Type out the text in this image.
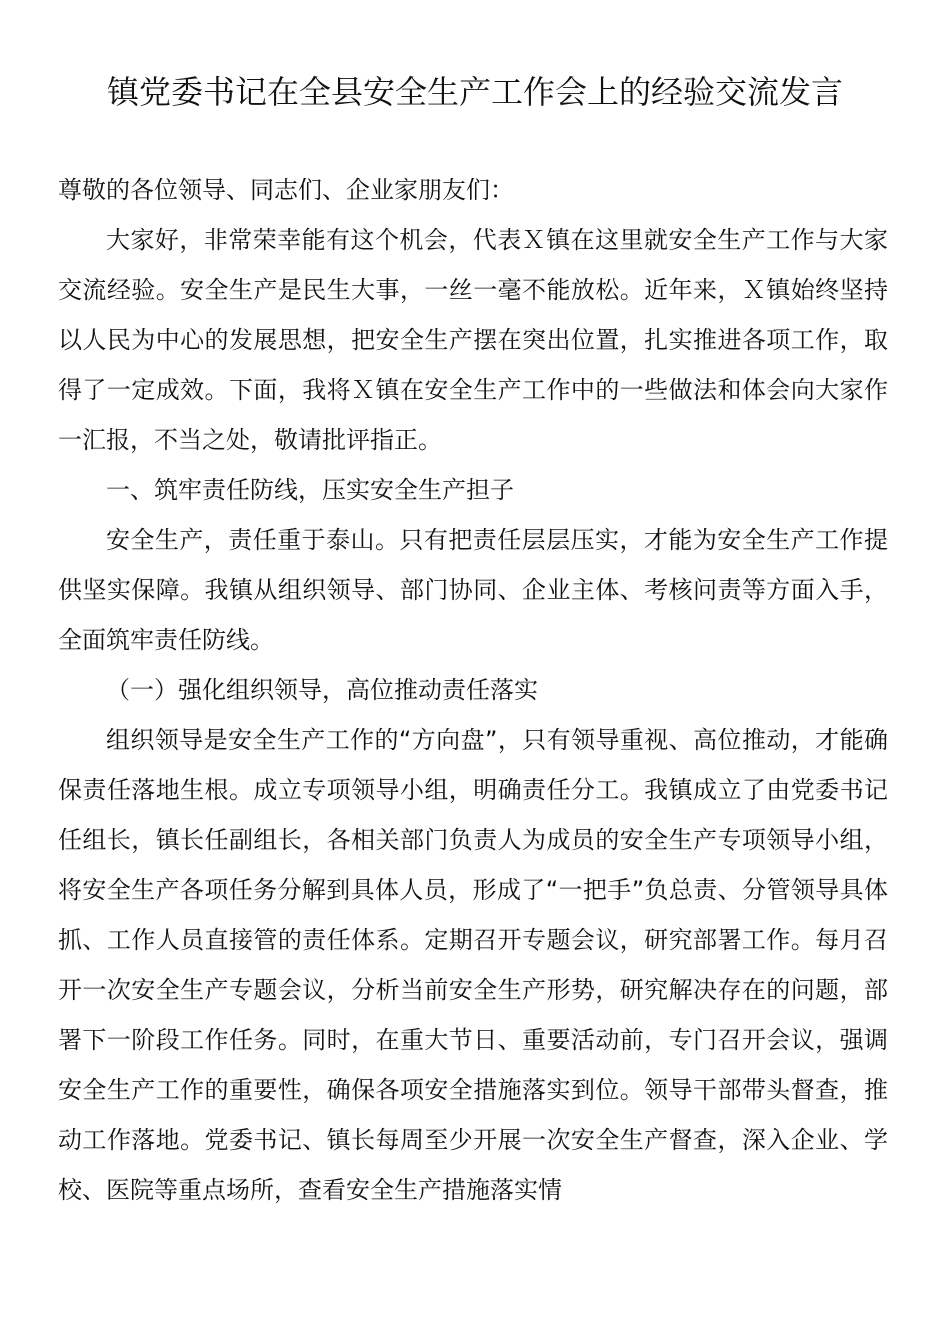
镇党委书记在全县安全生产工作会上的经验交流发言

尊敬的各位领导、同志们、企业家朋友们：

大家好，非常荣幸能有这个机会，代表Ｘ镇在这里就安全生产工作与大家交流经验。安全生产是民生大事，一丝一毫不能放松。近年来，Ｘ镇始终坚持以人民为中心的发展思想，把安全生产摆在突出位置，扎实推进各项工作，取得了一定成效。下面，我将Ｘ镇在安全生产工作中的一些做法和体会向大家作一汇报，不当之处，敬请批评指正。

一、筑牢责任防线，压实安全生产担子

安全生产，责任重于泰山。只有把责任层层压实，才能为安全生产工作提供坚实保障。我镇从组织领导、部门协同、企业主体、考核问责等方面入手，全面筑牢责任防线。

（一）强化组织领导，高位推动责任落实

组织领导是安全生产工作的“方向盘”，只有领导重视、高位推动，才能确保责任落地生根。成立专项领导小组，明确责任分工。我镇成立了由党委书记任组长，镇长任副组长，各相关部门负责人为成员的安全生产专项领导小组，将安全生产各项任务分解到具体人员，形成了“一把手”负总责、分管领导具体抓、工作人员直接管的责任体系。定期召开专题会议，研究部署工作。每月召开一次安全生产专题会议，分析当前安全生产形势，研究解决存在的问题，部署下一阶段工作任务。同时，在重大节日、重要活动前，专门召开会议，强调安全生产工作的重要性，确保各项安全措施落实到位。领导干部带头督查，推动工作落地。党委书记、镇长每周至少开展一次安全生产督查，深入企业、学校、医院等重点场所，查看安全生产措施落实情
